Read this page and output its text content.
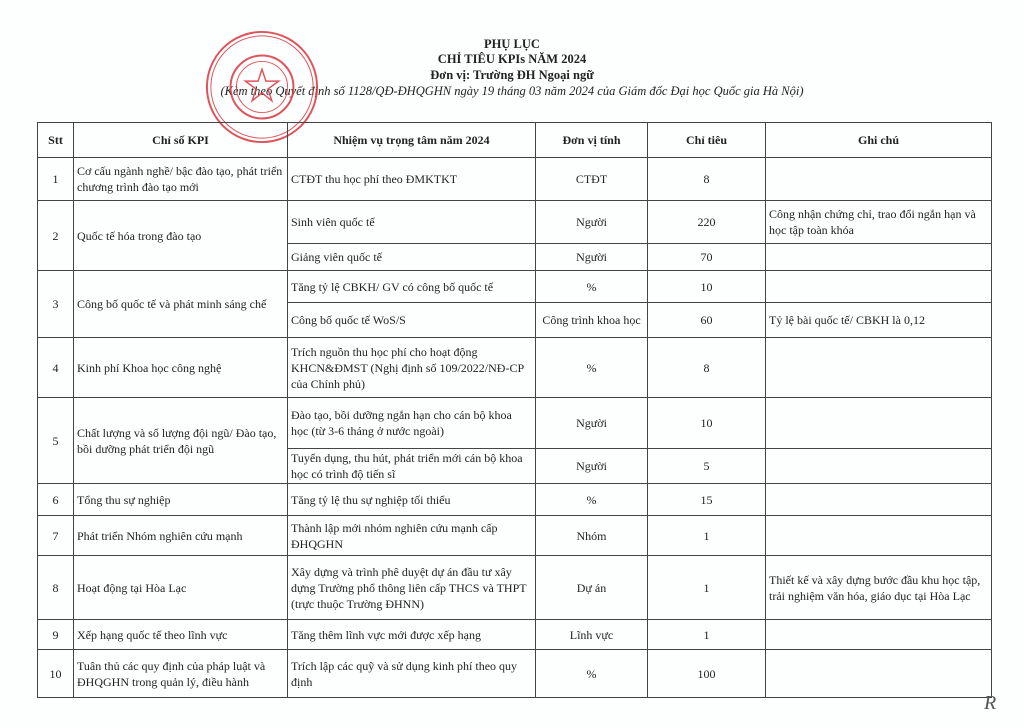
PHỤ LỤC
CHỈ TIÊU KPIs NĂM 2024
Đơn vị: Trường ĐH Ngoại ngữ
(Kèm theo Quyết định số 1128/QĐ-ĐHQGHN ngày 19 tháng 03 năm 2024 của Giám đốc Đại học Quốc gia Hà Nội)
Stt	Chỉ số KPI	Nhiệm vụ trọng tâm năm 2024	Đơn vị tính	Chỉ tiêu	Ghi chú
1	Cơ cấu ngành nghề/ bậc đào tạo, phát triển chương trình đào tạo mới	CTĐT thu học phí theo ĐMKTKT	CTĐT	8	
2	Quốc tế hóa trong đào tạo	Sinh viên quốc tế	Người	220	Công nhận chứng chỉ, trao đổi ngắn hạn và học tập toàn khóa
		Giảng viên quốc tế	Người	70	
3	Công bố quốc tế và phát minh sáng chế	Tăng tỷ lệ CBKH/ GV có công bố quốc tế	%	10	
		Công bố quốc tế WoS/S	Công trình khoa học	60	Tỷ lệ bài quốc tế/ CBKH là 0,12
4	Kinh phí Khoa học công nghệ	Trích nguồn thu học phí cho hoạt động KHCN&ĐMST (Nghị định số 109/2022/NĐ-CP của Chính phủ)	%	8	
5	Chất lượng và số lượng đội ngũ/ Đào tạo, bồi dưỡng phát triển đội ngũ	Đào tạo, bồi dưỡng ngắn hạn cho cán bộ khoa học (từ 3-6 tháng ở nước ngoài)	Người	10	
		Tuyển dụng, thu hút, phát triển mới cán bộ khoa học có trình độ tiến sĩ	Người	5	
6	Tổng thu sự nghiệp	Tăng tỷ lệ thu sự nghiệp tối thiểu	%	15	
7	Phát triển Nhóm nghiên cứu mạnh	Thành lập mới nhóm nghiên cứu mạnh cấp ĐHQGHN	Nhóm	1	
8	Hoạt động tại Hòa Lạc	Xây dựng và trình phê duyệt dự án đầu tư xây dựng Trường phổ thông liên cấp THCS và THPT (trực thuộc Trường ĐHNN)	Dự án	1	Thiết kế và xây dựng bước đầu khu học tập, trải nghiệm văn hóa, giáo dục tại Hòa Lạc
9	Xếp hạng quốc tế theo lĩnh vực	Tăng thêm lĩnh vực mới được xếp hạng	Lĩnh vực	1	
10	Tuân thủ các quy định của pháp luật và ĐHQGHN trong quản lý, điều hành	Trích lập các quỹ và sử dụng kinh phí theo quy định	%	100	
R
